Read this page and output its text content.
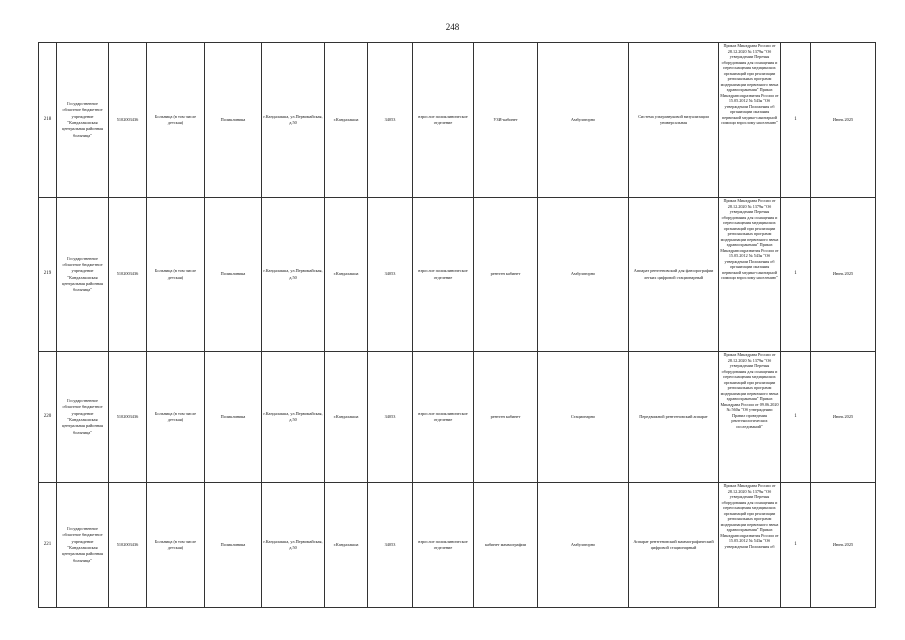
248
218	Государственное областное бюджетное учреждение "Кандалакшская центральная районная больница"	5102003436	Больница (в том числе детская)	Поликлиника	г.Кандалакша, ул.Первомайская, д.50	г.Кандалакша	34053	взрослое поликлиническое отделение	УЗИ-кабинет	Амбулаторно	Система ультразвуковой визуализации универсальная	Приказ Минздрава России от 28.12.2020 № 1379н "Об утверждении Перечня оборудования для оснащения и переоснащения медицинских организаций при реализации региональных программ модернизации первичного звена здравоохранения" Приказ Минздравсоцразвития России от 15.05.2012 № 543н "Об утверждении Положения об организации оказания первичной медико-санитарной помощи взрослому населению"	1	Июнь 2025
219	Государственное областное бюджетное учреждение "Кандалакшская центральная районная больница"	5102003436	Больница (в том числе детская)	Поликлиника	г.Кандалакша, ул.Первомайская, д.50	г.Кандалакша	34053	взрослое поликлиническое отделение	рентген кабинет	Амбулаторно	Аппарат рентгеновский для флюорографии легких цифровой стационарный	Приказ Минздрава России от 28.12.2020 № 1379н "Об утверждении Перечня оборудования для оснащения и переоснащения медицинских организаций при реализации региональных программ модернизации первичного звена здравоохранения" Приказ Минздравсоцразвития России от 15.05.2012 № 543н "Об утверждении Положения об организации оказания первичной медико-санитарной помощи взрослому населению"	1	Июнь 2025
220	Государственное областное бюджетное учреждение "Кандалакшская центральная районная больница"	5102003436	Больница (в том числе детская)	Поликлиника	г.Кандалакша, ул.Первомайская, д.50	г.Кандалакша	34053	взрослое поликлиническое отделение	рентген кабинет	Стационарно	Передвижной рентгеновский аппарат	Приказ Минздрава России от 28.12.2020 № 1379н "Об утверждении Перечня оборудования для оснащения и переоснащения медицинских организаций при реализации региональных программ модернизации первичного звена здравоохранения" Приказ Минздрава России от 09.06.2020 № 560н "Об утверждении Правил проведения рентгенологических исследований"	1	Июнь 2025
221	Государственное областное бюджетное учреждение "Кандалакшская центральная районная больница"	5102003436	Больница (в том числе детская)	Поликлиника	г.Кандалакша, ул.Первомайская, д.50	г.Кандалакша	34053	взрослое поликлиническое отделение	кабинет маммографии	Амбулаторно	Аппарат рентгеновский маммографический цифровой стационарный	Приказ Минздрава России от 28.12.2020 № 1379н "Об утверждении Перечня оборудования для оснащения и переоснащения медицинских организаций при реализации региональных программ модернизации первичного звена здравоохранения" Приказ Минздравсоцразвития России от 15.05.2012 № 543н "Об утверждении Положения об	1	Июнь 2025
